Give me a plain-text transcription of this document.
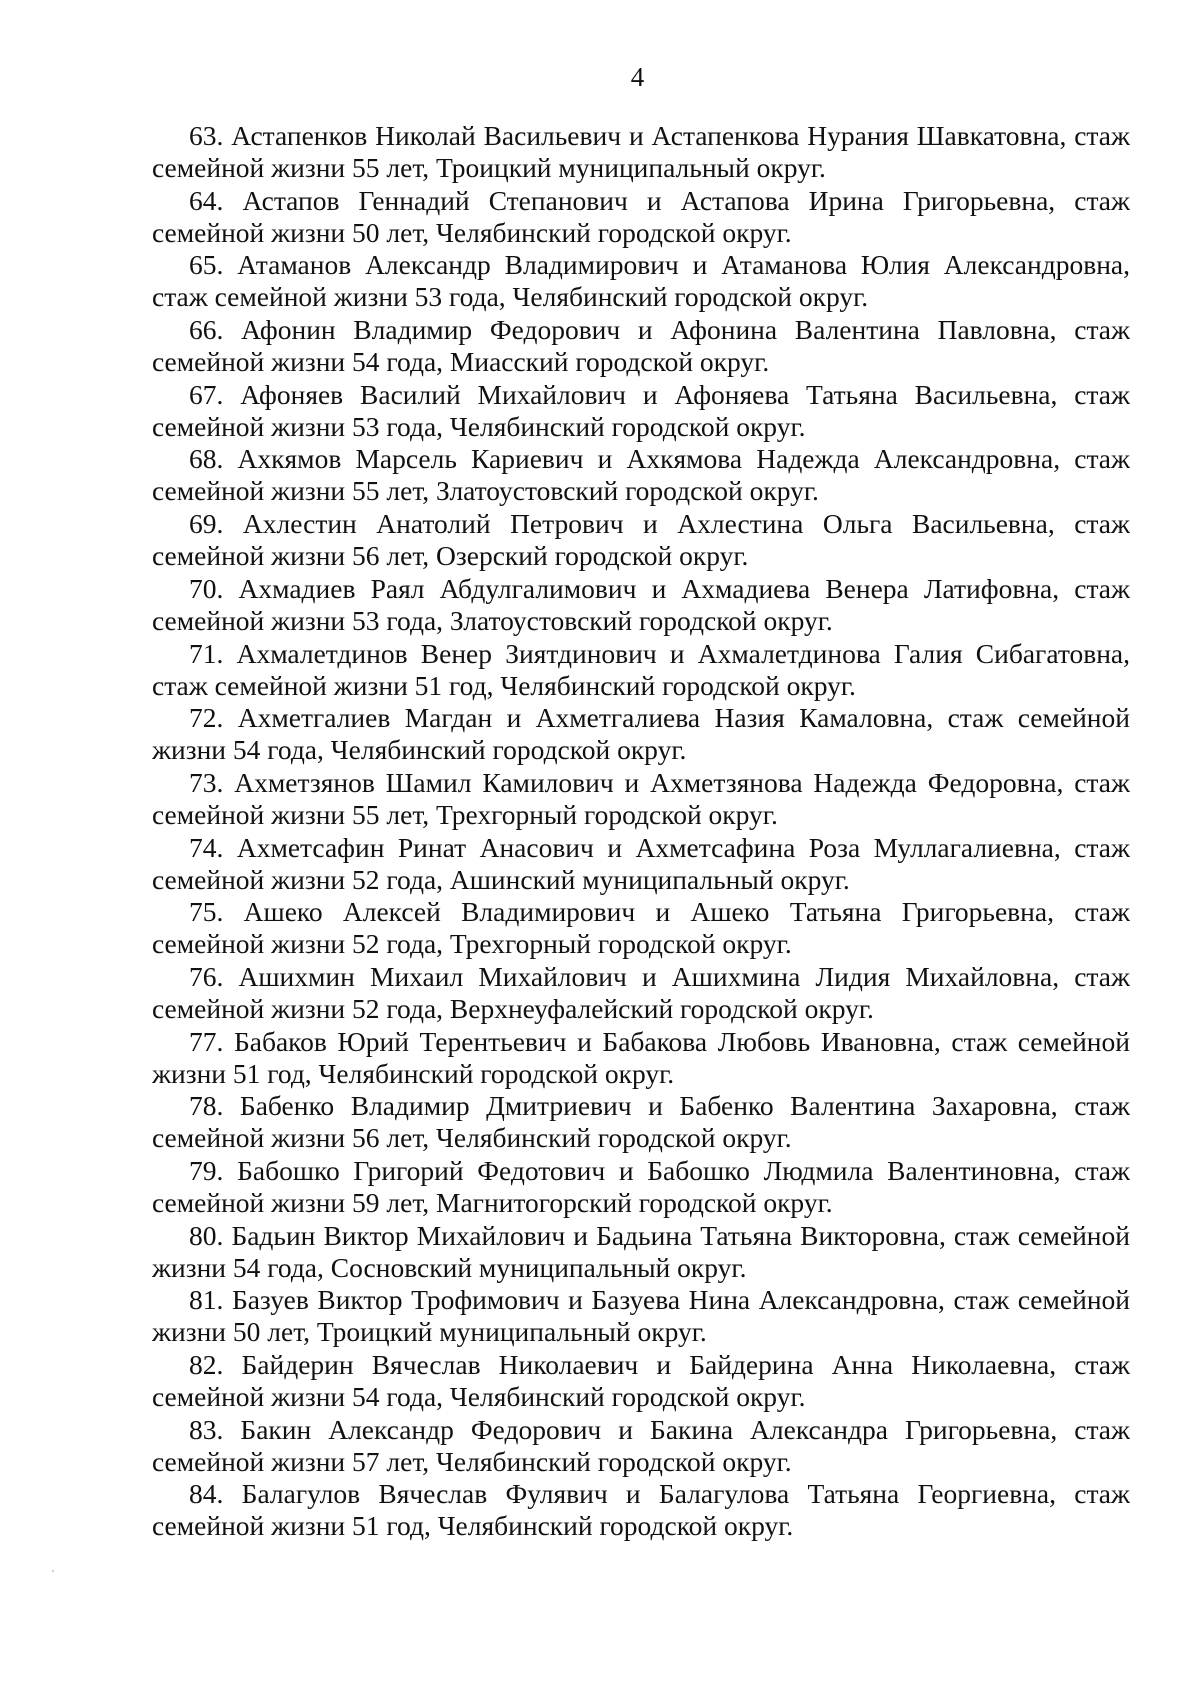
4

63. Астапенков Николай Васильевич и Астапенкова Нурания Шавкатовна, стаж семейной жизни 55 лет, Троицкий муниципальный округ.

64. Астапов Геннадий Степанович и Астапова Ирина Григорьевна, стаж семейной жизни 50 лет, Челябинский городской округ.

65. Атаманов Александр Владимирович и Атаманова Юлия Александровна, стаж семейной жизни 53 года, Челябинский городской округ.

66. Афонин Владимир Федорович и Афонина Валентина Павловна, стаж семейной жизни 54 года, Миасский городской округ.

67. Афоняев Василий Михайлович и Афоняева Татьяна Васильевна, стаж семейной жизни 53 года, Челябинский городской округ.

68. Ахкямов Марсель Кариевич и Ахкямова Надежда Александровна, стаж семейной жизни 55 лет, Златоустовский городской округ.

69. Ахлестин Анатолий Петрович и Ахлестина Ольга Васильевна, стаж семейной жизни 56 лет, Озерский городской округ.

70. Ахмадиев Раял Абдулгалимович и Ахмадиева Венера Латифовна, стаж семейной жизни 53 года, Златоустовский городской округ.

71. Ахмалетдинов Венер Зиятдинович и Ахмалетдинова Галия Сибагатовна, стаж семейной жизни 51 год, Челябинский городской округ.

72. Ахметгалиев Магдан и Ахметгалиева Назия Камаловна, стаж семейной жизни 54 года, Челябинский городской округ.

73. Ахметзянов Шамил Камилович и Ахметзянова Надежда Федоровна, стаж семейной жизни 55 лет, Трехгорный городской округ.

74. Ахметсафин Ринат Анасович и Ахметсафина Роза Муллагалиевна, стаж семейной жизни 52 года, Ашинский муниципальный округ.

75. Ашеко Алексей Владимирович и Ашеко Татьяна Григорьевна, стаж семейной жизни 52 года, Трехгорный городской округ.

76. Ашихмин Михаил Михайлович и Ашихмина Лидия Михайловна, стаж семейной жизни 52 года, Верхнеуфалейский городской округ.

77. Бабаков Юрий Терентьевич и Бабакова Любовь Ивановна, стаж семейной жизни 51 год, Челябинский городской округ.

78. Бабенко Владимир Дмитриевич и Бабенко Валентина Захаровна, стаж семейной жизни 56 лет, Челябинский городской округ.

79. Бабошко Григорий Федотович и Бабошко Людмила Валентиновна, стаж семейной жизни 59 лет, Магнитогорский городской округ.

80. Бадьин Виктор Михайлович и Бадьина Татьяна Викторовна, стаж семейной жизни 54 года, Сосновский муниципальный округ.

81. Базуев Виктор Трофимович и Базуева Нина Александровна, стаж семейной жизни 50 лет, Троицкий муниципальный округ.

82. Байдерин Вячеслав Николаевич и Байдерина Анна Николаевна, стаж семейной жизни 54 года, Челябинский городской округ.

83. Бакин Александр Федорович и Бакина Александра Григорьевна, стаж семейной жизни 57 лет, Челябинский городской округ.

84. Балагулов Вячеслав Фулявич и Балагулова Татьяна Георгиевна, стаж семейной жизни 51 год, Челябинский городской округ.
